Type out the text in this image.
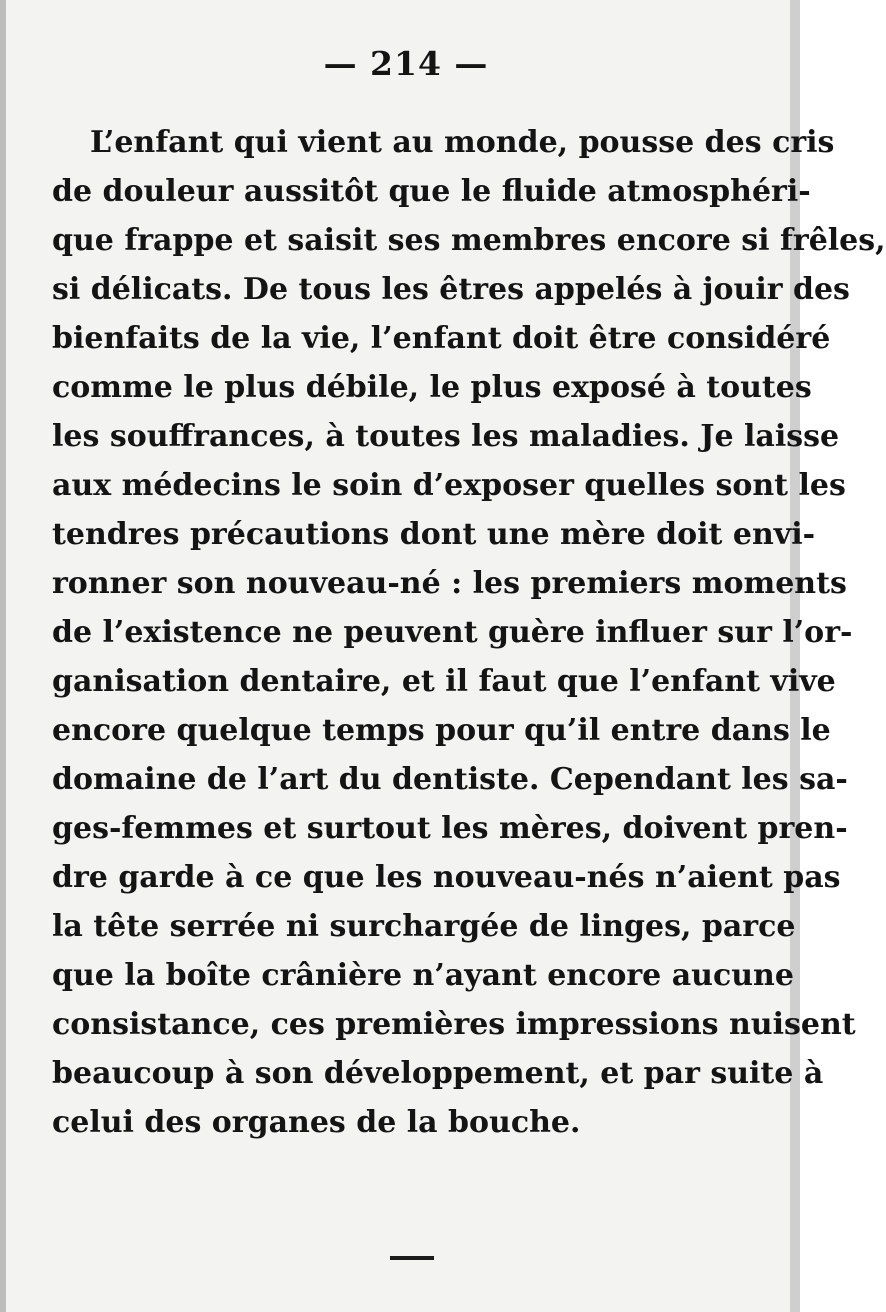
— 214 —
L’enfant qui vient au monde, pousse des cris
de douleur aussitôt que le fluide atmosphéri-
que frappe et saisit ses membres encore si frêles,
si délicats. De tous les êtres appelés à jouir des
bienfaits de la vie, l’enfant doit être considéré
comme le plus débile, le plus exposé à toutes
les souffrances, à toutes les maladies. Je laisse
aux médecins le soin d’exposer quelles sont les
tendres précautions dont une mère doit envi-
ronner son nouveau-né : les premiers moments
de l’existence ne peuvent guère influer sur l’or-
ganisation dentaire, et il faut que l’enfant vive
encore quelque temps pour qu’il entre dans le
domaine de l’art du dentiste. Cependant les sa-
ges-femmes et surtout les mères, doivent pren-
dre garde à ce que les nouveau-nés n’aient pas
la tête serrée ni surchargée de linges, parce
que la boîte crânière n’ayant encore aucune
consistance, ces premières impressions nuisent
beaucoup à son développement, et par suite à
celui des organes de la bouche.
